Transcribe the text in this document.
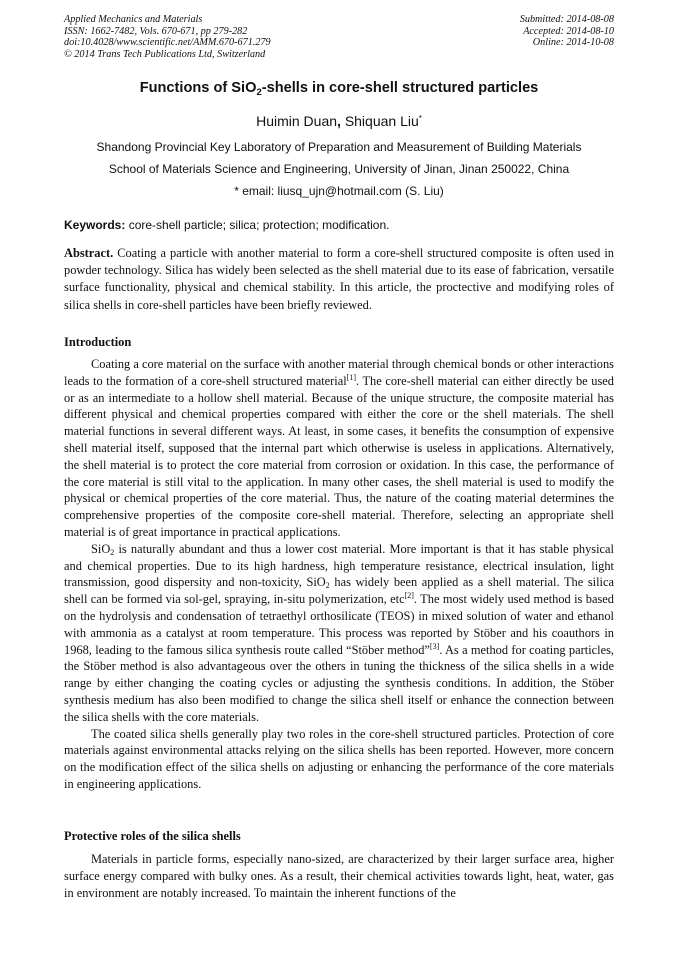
Applied Mechanics and Materials
ISSN: 1662-7482, Vols. 670-671, pp 279-282
doi:10.4028/www.scientific.net/AMM.670-671.279
© 2014 Trans Tech Publications Ltd, Switzerland
Submitted: 2014-08-08
Accepted: 2014-08-10
Online: 2014-10-08
Functions of SiO$_2$-shells in core-shell structured particles
Huimin Duan, Shiquan Liu*
Shandong Provincial Key Laboratory of Preparation and Measurement of Building Materials
School of Materials Science and Engineering, University of Jinan, Jinan 250022, China
* email: liusq_ujn@hotmail.com (S. Liu)
Keywords: core-shell particle; silica; protection; modification.
Abstract. Coating a particle with another material to form a core-shell structured composite is often used in powder technology. Silica has widely been selected as the shell material due to its ease of fabrication, versatile surface functionality, physical and chemical stability. In this article, the proctective and modifying roles of silica shells in core-shell particles have been briefly reviewed.
Introduction

Coating a core material on the surface with another material through chemical bonds or other interactions leads to the formation of a core-shell structured material[1]. The core-shell material can either directly be used or as an intermediate to a hollow shell material. Because of the unique structure, the composite material has different physical and chemical properties compared with either the core or the shell materials. The shell material functions in several different ways. At least, in some cases, it benefits the consumption of expensive shell material itself, supposed that the internal part which otherwise is useless in applications. Alternatively, the shell material is to protect the core material from corrosion or oxidation. In this case, the performance of the core material is still vital to the application. In many other cases, the shell material is used to modify the physical or chemical properties of the core material. Thus, the nature of the coating material determines the comprehensive properties of the composite core-shell material. Therefore, selecting an appropriate shell material is of great importance in practical applications.

SiO$_2$ is naturally abundant and thus a lower cost material. More important is that it has stable physical and chemical properties. Due to its high hardness, high temperature resistance, electrical insulation, light transmission, good dispersity and non-toxicity, SiO$_2$ has widely been applied as a shell material. The silica shell can be formed via sol-gel, spraying, in-situ polymerization, etc[2]. The most widely used method is based on the hydrolysis and condensation of tetraethyl orthosilicate (TEOS) in mixed solution of water and ethanol with ammonia as a catalyst at room temperature. This process was reported by Stöber and his coauthors in 1968, leading to the famous silica synthesis route called “Stöber method”[3]. As a method for coating particles, the Stöber method is also advantageous over the others in tuning the thickness of the silica shells in a wide range by either changing the coating cycles or adjusting the synthesis conditions. In addition, the Stöber synthesis medium has also been modified to change the silica shell itself or enhance the connection between the silica shells with the core materials.

The coated silica shells generally play two roles in the core-shell structured particles. Protection of core materials against environmental attacks relying on the silica shells has been reported. However, more concern on the modification effect of the silica shells on adjusting or enhancing the performance of the core materials in engineering applications.

Protective roles of the silica shells

Materials in particle forms, especially nano-sized, are characterized by their larger surface area, higher surface energy compared with bulky ones. As a result, their chemical activities towards light, heat, water, gas in environment are notably increased. To maintain the inherent functions of the
